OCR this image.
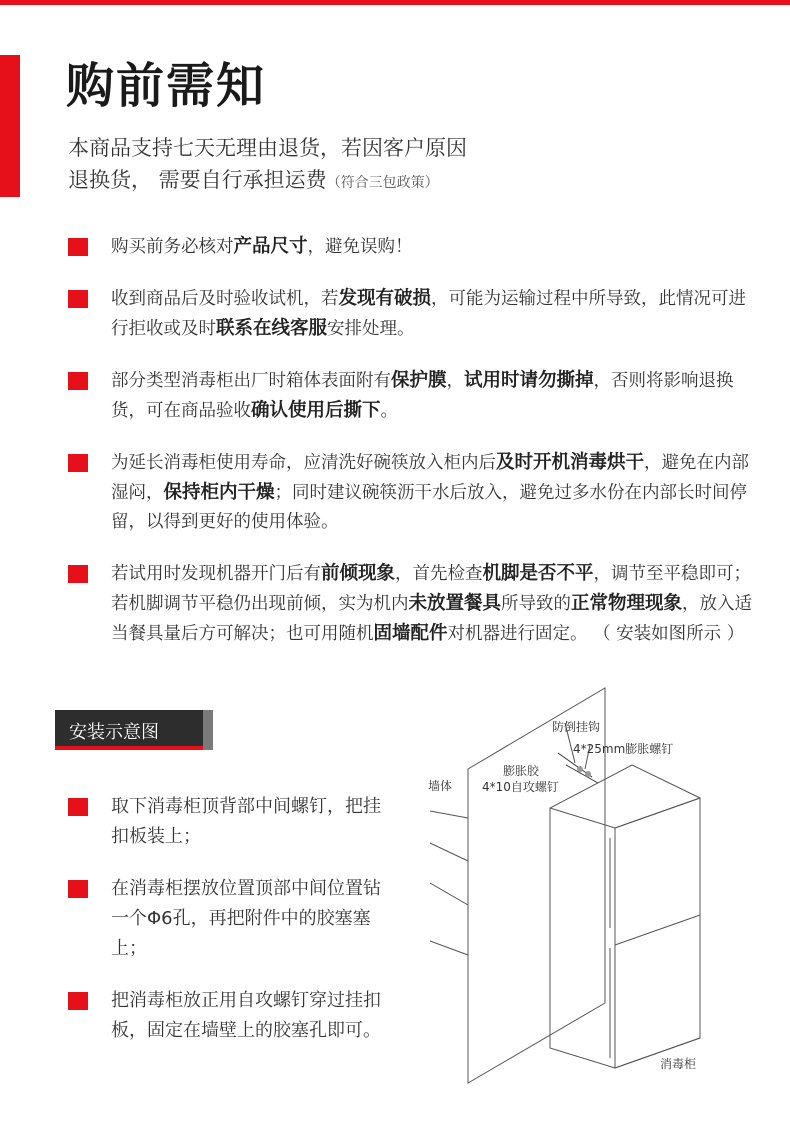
购前需知
本商品支持七天无理由退货，若因客户原因
退换货， 需要自行承担运费（符合三包政策）
购买前务必核对产品尺寸，避免误购！
收到商品后及时验收试机，若发现有破损，可能为运输过程中所导致，此情况可进行拒收或及时联系在线客服安排处理。
部分类型消毒柜出厂时箱体表面附有保护膜，试用时请勿撕掉，否则将影响退换货，可在商品验收确认使用后撕下。
为延长消毒柜使用寿命，应清洗好碗筷放入柜内后及时开机消毒烘干，避免在内部湿闷，保持柜内干燥；同时建议碗筷沥干水后放入，避免过多水份在内部长时间停留，以得到更好的使用体验。
若试用时发现机器开门后有前倾现象，首先检查机脚是否不平，调节至平稳即可；若机脚调节平稳仍出现前倾，实为机内未放置餐具所导致的正常物理现象，放入适当餐具量后方可解决；也可用随机固墙配件对机器进行固定。 （ 安装如图所示 ）
安装示意图
取下消毒柜顶背部中间螺钉，把挂扣板装上；
在消毒柜摆放位置顶部中间位置钻一个Φ6孔，再把附件中的胶塞塞上；
把消毒柜放正用自攻螺钉穿过挂扣板，固定在墙壁上的胶塞孔即可。
防倒挂钩
4*25mm膨胀螺钉
膨胀胶
墙体 4*10自攻螺钉
消毒柜
